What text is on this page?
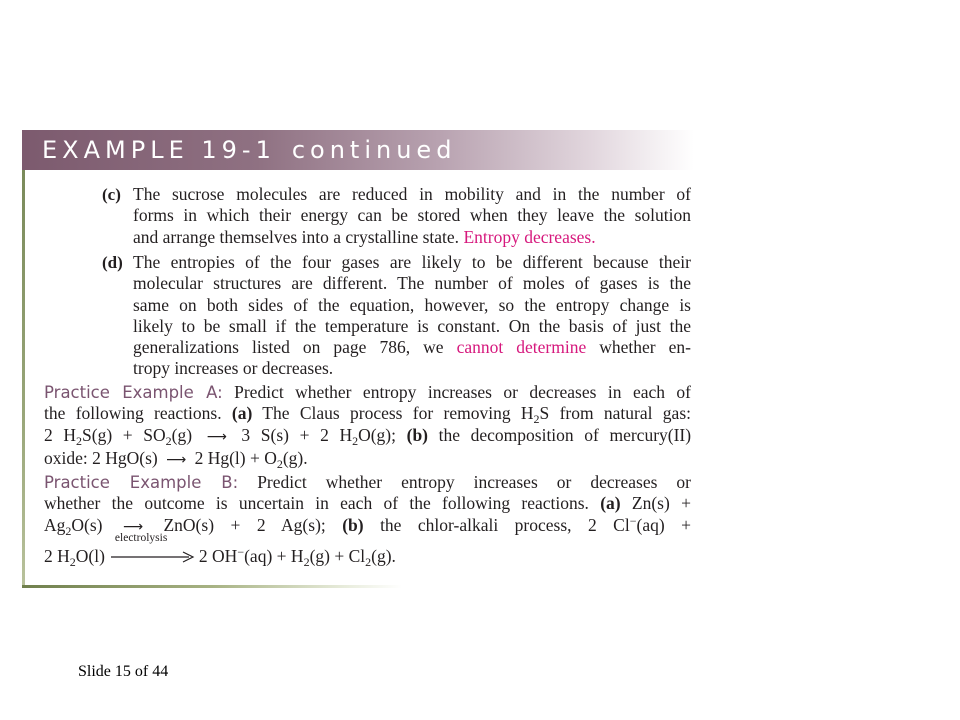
EXAMPLE 19-1 continued
(c) The sucrose molecules are reduced in mobility and in the number of
forms in which their energy can be stored when they leave the solution
and arrange themselves into a crystalline state. Entropy decreases.
(d) The entropies of the four gases are likely to be different because their
molecular structures are different. The number of moles of gases is the
same on both sides of the equation, however, so the entropy change is
likely to be small if the temperature is constant. On the basis of just the
generalizations listed on page 786, we cannot determine whether en-
tropy increases or decreases.
Practice Example A: Predict whether entropy increases or decreases in each of
the following reactions. (a) The Claus process for removing $H_2S$ from natural gas:
2 $H_2S(g) + SO_2(g)$ ⟶ 3 S(s) + 2 $H_2O(g)$; (b) the decomposition of mercury(II)
oxide: 2 HgO(s) ⟶ 2 $Hg(l) + O_2(g)$.
Practice Example B: Predict whether entropy increases or decreases or
whether the outcome is uncertain in each of the following reactions. (a) Zn(s) +
$Ag_2O(s)$ ⟶ ZnO(s) + 2 Ag(s); (b) the chlor-alkali process, 2 Cl−(aq) +
2 $H_2O(l)$
electrolysis
2 $OH^-(aq) + H_2(g) + Cl_2(g)$.
Slide 15 of 44
